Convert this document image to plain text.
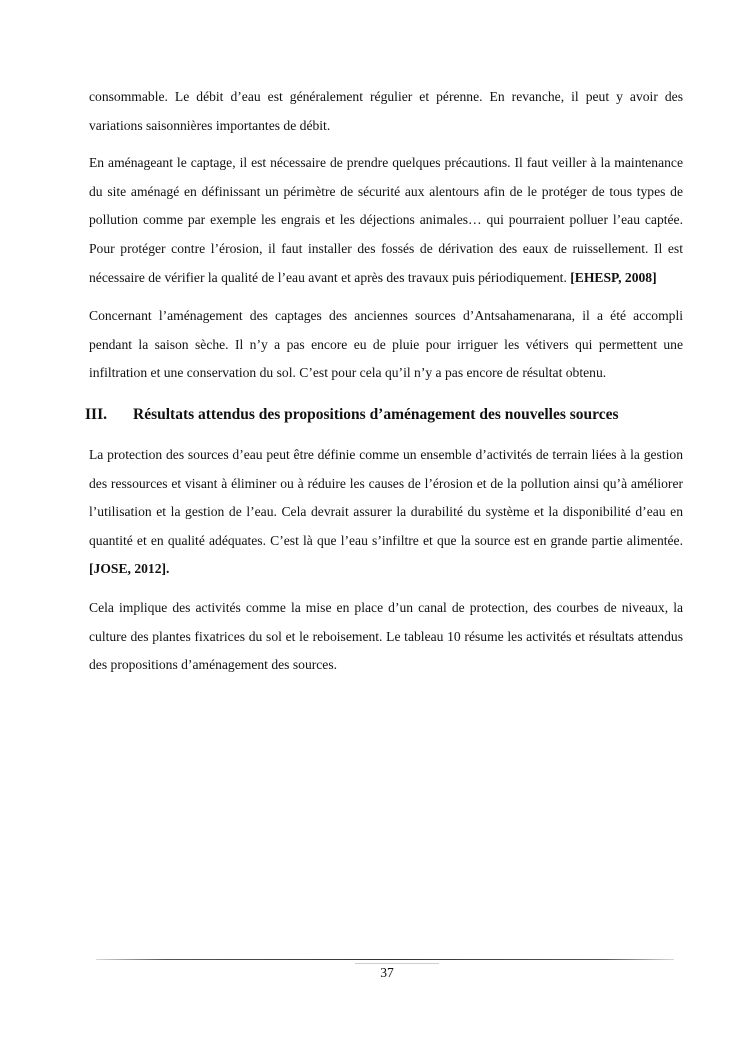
consommable. Le débit d’eau est généralement régulier et pérenne. En revanche, il peut y avoir des variations saisonnières importantes de débit.

En aménageant le captage, il est nécessaire de prendre quelques précautions. Il faut veiller à la maintenance du site aménagé en définissant un périmètre de sécurité aux alentours afin de le protéger de tous types de pollution comme par exemple les engrais et les déjections animales… qui pourraient polluer l’eau captée. Pour protéger contre l’érosion, il faut installer des fossés de dérivation des eaux de ruissellement. Il est nécessaire de vérifier la qualité de l’eau avant et après des travaux puis périodiquement. [EHESP, 2008]

Concernant l’aménagement des captages des anciennes sources d’Antsahamenarana, il a été accompli pendant la saison sèche. Il n’y a pas encore eu de pluie pour irriguer les vétivers qui permettent une infiltration et une conservation du sol. C’est pour cela qu’il n’y a pas encore de résultat obtenu.

III.	Résultats attendus des propositions d’aménagement des nouvelles sources

La protection des sources d’eau peut être définie comme un ensemble d’activités de terrain liées à la gestion des ressources et visant à éliminer ou à réduire les causes de l’érosion et de la pollution ainsi qu’à améliorer l’utilisation et la gestion de l’eau. Cela devrait assurer la durabilité du système et la disponibilité d’eau en quantité et en qualité adéquates. C’est là que l’eau s’infiltre et que la source est en grande partie alimentée. [JOSE, 2012].

Cela implique des activités comme la mise en place d’un canal de protection, des courbes de niveaux, la culture des plantes fixatrices du sol et le reboisement. Le tableau 10 résume les activités et résultats attendus des propositions d’aménagement des sources.

37
